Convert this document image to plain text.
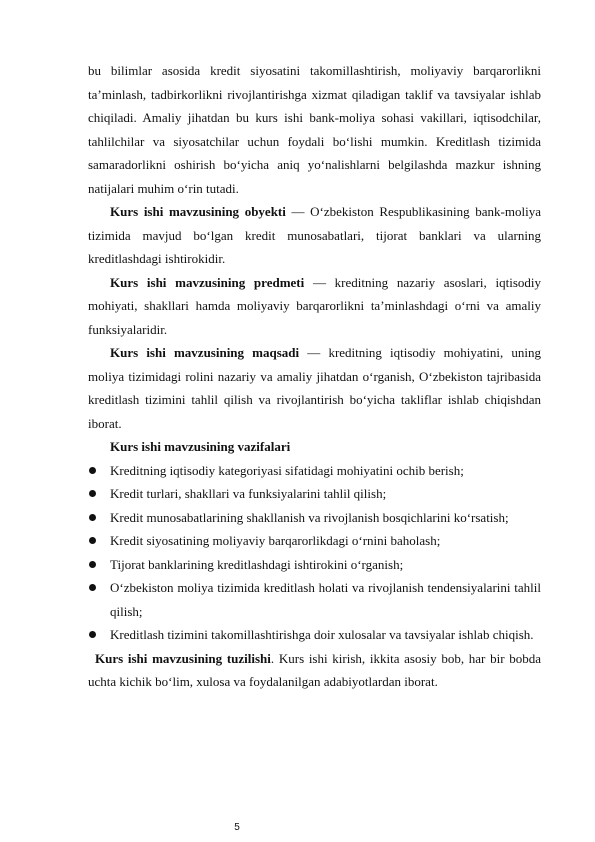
bu bilimlar asosida kredit siyosatini takomillashtirish, moliyaviy barqarorlikni ta’minlash, tadbirkorlikni rivojlantirishga xizmat qiladigan taklif va tavsiyalar ishlab chiqiladi. Amaliy jihatdan bu kurs ishi bank-moliya sohasi vakillari, iqtisodchilar, tahlilchilar va siyosatchilar uchun foydali bo‘lishi mumkin. Kreditlash tizimida samaradorlikni oshirish bo‘yicha aniq yo‘nalishlarni belgilashda mazkur ishning natijalari muhim o‘rin tutadi.

Kurs ishi mavzusining obyekti — O‘zbekiston Respublikasining bank-moliya tizimida mavjud bo‘lgan kredit munosabatlari, tijorat banklari va ularning kreditlashdagi ishtirokidir.

Kurs ishi mavzusining predmeti — kreditning nazariy asoslari, iqtisodiy mohiyati, shakllari hamda moliyaviy barqarorlikni ta’minlashdagi o‘rni va amaliy funksiyalaridir.

Kurs ishi mavzusining maqsadi — kreditning iqtisodiy mohiyatini, uning moliya tizimidagi rolini nazariy va amaliy jihatdan o‘rganish, O‘zbekiston tajribasida kreditlash tizimini tahlil qilish va rivojlantirish bo‘yicha takliflar ishlab chiqishdan iborat.

Kurs ishi mavzusining vazifalari

Kreditning iqtisodiy kategoriyasi sifatidagi mohiyatini ochib berish;
Kredit turlari, shakllari va funksiyalarini tahlil qilish;
Kredit munosabatlarining shakllanish va rivojlanish bosqichlarini ko‘rsatish;
Kredit siyosatining moliyaviy barqarorlikdagi o‘rnini baholash;
Tijorat banklarining kreditlashdagi ishtirokini o‘rganish;
O‘zbekiston moliya tizimida kreditlash holati va rivojlanish tendensiyalarini tahlil qilish;
Kreditlash tizimini takomillashtirishga doir xulosalar va tavsiyalar ishlab chiqish.

Kurs ishi mavzusining tuzilishi. Kurs ishi kirish, ikkita asosiy bob, har bir bobda uchta kichik bo‘lim, xulosa va foydalanilgan adabiyotlardan iborat.

5
